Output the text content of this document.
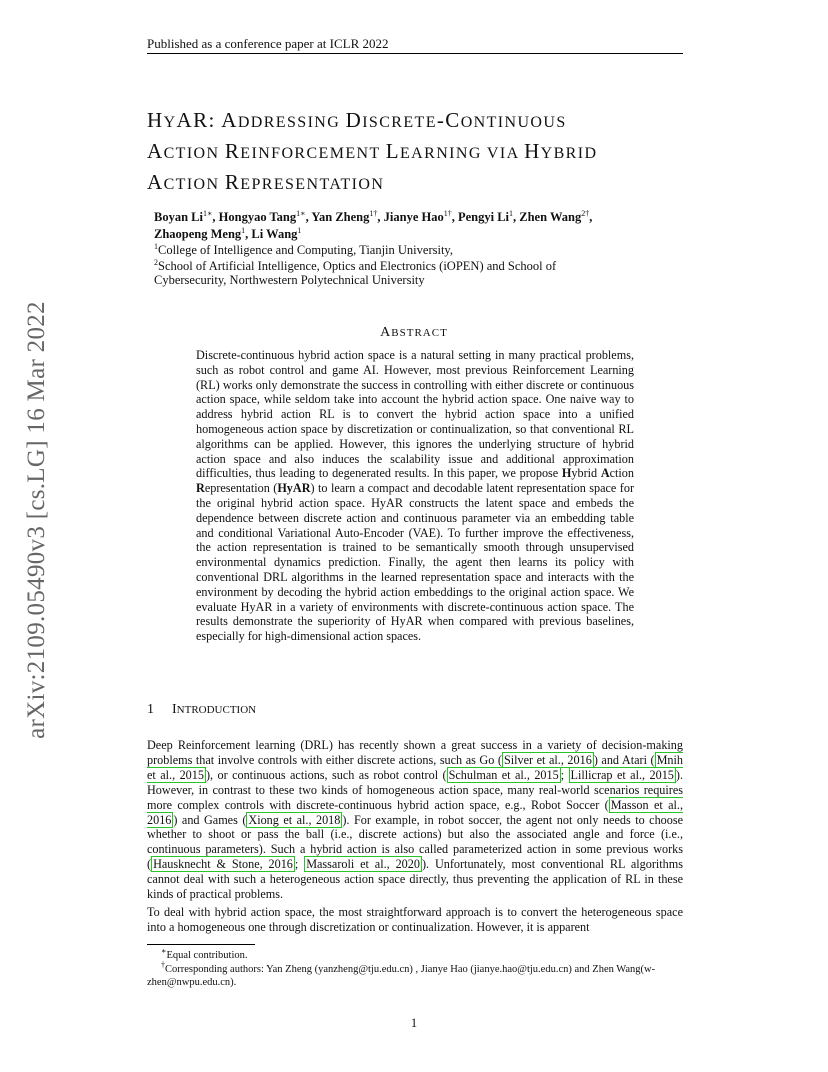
Published as a conference paper at ICLR 2022
arXiv:2109.05490v3 [cs.LG] 16 Mar 2022
HYAR: ADDRESSING DISCRETE-CONTINUOUS
ACTION REINFORCEMENT LEARNING VIA HYBRID
ACTION REPRESENTATION
Boyan $Li^{1∗}$, Hongyao Tang$^{1∗}$, Yan Zheng$^{1\dagger}$, Jianye Hao$^{1\dagger}$, Pengyi Li$^1$, Zhen Wang$^{2\dagger}$,
Zhaopeng Meng$^1$, Li Wang$^1$
$^1$College of Intelligence and Computing, Tianjin University,
$^2$School of Artificial Intelligence, Optics and Electronics (iOPEN) and School of
Cybersecurity, Northwestern Polytechnical University
ABSTRACT
Discrete-continuous hybrid action space is a natural setting in many practical problems, such as robot control and game AI. However, most previous Reinforcement Learning (RL) works only demonstrate the success in controlling with either discrete or continuous action space, while seldom take into account the hybrid action space. One naive way to address hybrid action RL is to convert the hybrid action space into a unified homogeneous action space by discretization or continualization, so that conventional RL algorithms can be applied. However, this ignores the underlying structure of hybrid action space and also induces the scalability issue and additional approximation difficulties, thus leading to degenerated results. In this paper, we propose Hybrid Action Representation (HyAR) to learn a compact and decodable latent representation space for the original hybrid action space. HyAR constructs the latent space and embeds the dependence between discrete action and continuous parameter via an embedding table and conditional Variational Auto-Encoder (VAE). To further improve the effectiveness, the action representation is trained to be semantically smooth through unsupervised environmental dynamics prediction. Finally, the agent then learns its policy with conventional DRL algorithms in the learned representation space and interacts with the environment by decoding the hybrid action embeddings to the original action space. We evaluate HyAR in a variety of environments with discrete-continuous action space. The results demonstrate the superiority of HyAR when compared with previous baselines, especially for high-dimensional action spaces.
1 INTRODUCTION
Deep Reinforcement learning (DRL) has recently shown a great success in a variety of decision-making problems that involve controls with either discrete actions, such as Go ( Silver et al., 2016 ) and Atari ( Mnih et al., 2015 ), or continuous actions, such as robot control ( Schulman et al., 2015 ; Lillicrap et al., 2015 ). However, in contrast to these two kinds of homogeneous action space, many real-world scenarios requires more complex controls with discrete-continuous hybrid action space, e.g., Robot Soccer ( Masson et al., 2016 ) and Games ( Xiong et al., 2018 ). For example, in robot soccer, the agent not only needs to choose whether to shoot or pass the ball (i.e., discrete actions) but also the associated angle and force (i.e., continuous parameters). Such a hybrid action is also called parameterized action in some previous works ( Hausknecht & Stone, 2016 ; Massaroli et al., 2020 ). Unfortunately, most conventional RL algorithms cannot deal with such a heterogeneous action space directly, thus preventing the application of RL in these kinds of practical problems.
To deal with hybrid action space, the most straightforward approach is to convert the heterogeneous space into a homogeneous one through discretization or continualization. However, it is apparent
∗Equal contribution.
†Corresponding authors: Yan Zheng (yanzheng@tju.edu.cn) , Jianye Hao (jianye.hao@tju.edu.cn) and Zhen Wang(w-zhen@nwpu.edu.cn).
1
